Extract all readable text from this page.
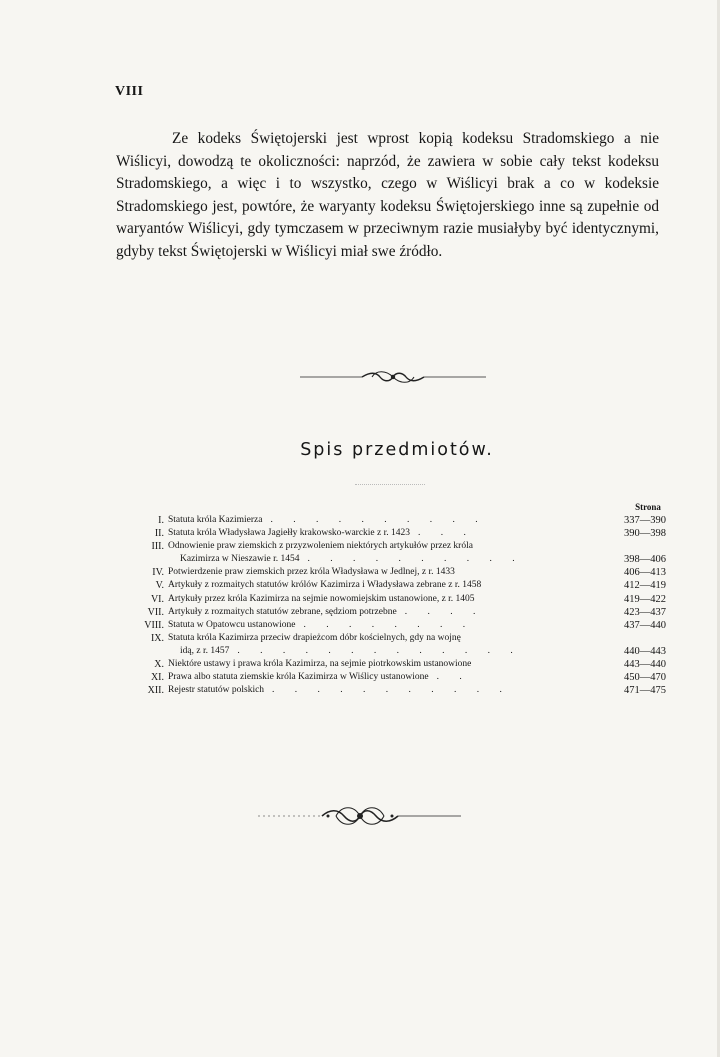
VIII

Ze kodeks Świętojerski jest wprost kopią kodeksu Stradomskiego a nie Wiślicyi, dowodzą te okoliczności: naprzód, że zawiera w sobie cały tekst kodeksu Stradomskiego, a więc i to wszystko, czego w Wiślicyi brak a co w kodeksie Stradomskiego jest, powtóre, że waryanty kodeksu Świętojerskiego inne są zupełnie od waryantów Wiślicyi, gdy tymczasem w przeciwnym razie musiałyby być identycznymi, gdyby tekst Świętojerski w Wiślicyi miał swe źródło.

Spis przedmiotów.
Strona
I. Statuta króla Kazimierza . . . . . . . . . .	337—390
II. Statuta króla Władysława Jagiełły krakowsko-warckie z r. 1423 . . .	390—398
III. Odnowienie praw ziemskich z przyzwoleniem niektórych artykułów przez króla
Kazimirza w Nieszawie r. 1454 . . . . . . . . . .	398—406
IV. Potwierdzenie praw ziemskich przez króla Władysława w Jedlnej, z r. 1433	406—413
V. Artykuły z rozmaitych statutów królów Kazimirza i Władysława zebrane z r. 1458	412—419
VI. Artykuły przez króla Kazimirza na sejmie nowomiejskim ustanowione, z r. 1405	419—422
VII. Artykuły z rozmaitych statutów zebrane, sędziom potrzebne . . . .	423—437
VIII. Statuta w Opatowcu ustanowione . . . . . . . .	437—440
IX. Statuta króla Kazimirza przeciw drapieżcom dóbr kościelnych, gdy na wojnę
idą, z r. 1457 . . . . . . . . . . . . .	440—443
X. Niektóre ustawy i prawa króla Kazimirza, na sejmie piotrkowskim ustanowione	443—440
XI. Prawa albo statuta ziemskie króla Kazimirza w Wiślicy ustanowione . .	450—470
XII. Rejestr statutów polskich . . . . . . . . . . .	471—475
